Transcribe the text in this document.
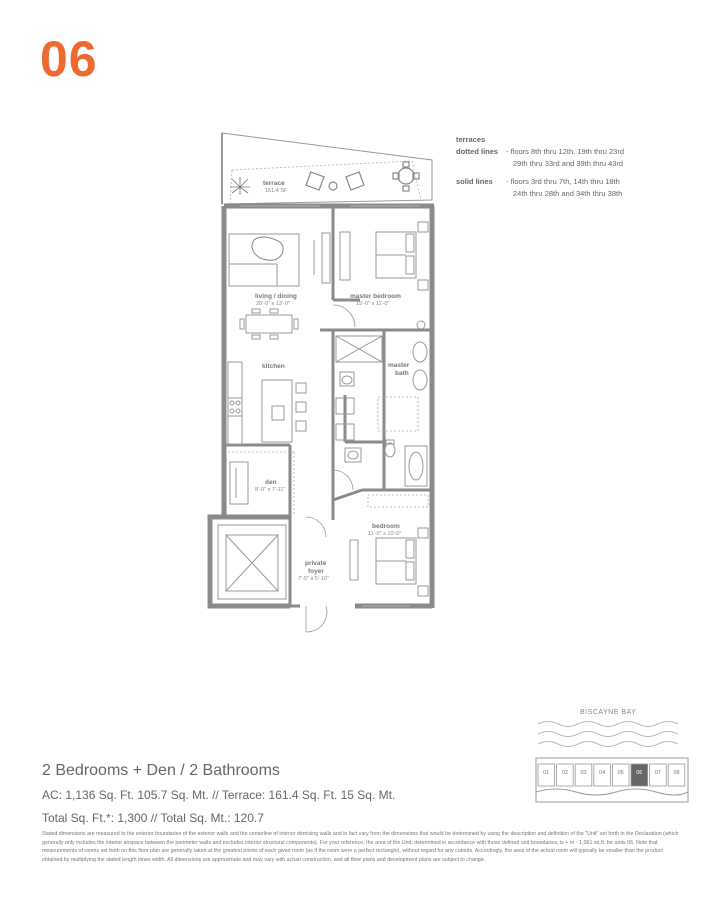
06
terrace
161.4 SF
living / dining
20'-0" x 13'-0"
kitchen
den
8'-0" x 7'-11"
master bedroom
15'-0" x 11'-0"
master
bath
bedroom
11'-0" x 10'-0"
private
foyer
7'-5" x 5'-10"
terraces
dotted lines	- floors 8th thru 12th, 19th thru 23rd
29th thru 33rd and 39th thru 43rd
solid lines	- floors 3rd thru 7th, 14th thru 18th
24th thru 28th and 34th thru 38th
BISCAYNE BAY
01 02 03 04 05 06 07 08
2 Bedrooms + Den / 2 Bathrooms
AC: 1,136 Sq. Ft. 105.7 Sq. Mt. // Terrace: 161.4 Sq. Ft. 15 Sq. Mt.
Total Sq. Ft.*: 1,300 // Total Sq. Mt.: 120.7
Stated dimensions are measured to the exterior boundaries of the exterior walls and the centerline of interior demising walls and in fact vary from the dimensions that would be determined by using the description and definition of the "Unit" set forth in the Declaration (which generally only includes the interior airspace between the perimeter walls and excludes interior structural components). For your reference, the area of the Unit, determined in accordance with those defined unit boundaries, is + or - 1,061 sq.ft. for units 06. Note that measurements of rooms set forth on this floor plan are generally taken at the greatest points of each given room (as if the room were a perfect rectangle), without regard for any cutouts. Accordingly, the area of the actual room will typically be smaller than the product obtained by multiplying the stated length times width. All dimensions are approximate and may vary with actual construction, and all floor plans and development plans are subject to change.
